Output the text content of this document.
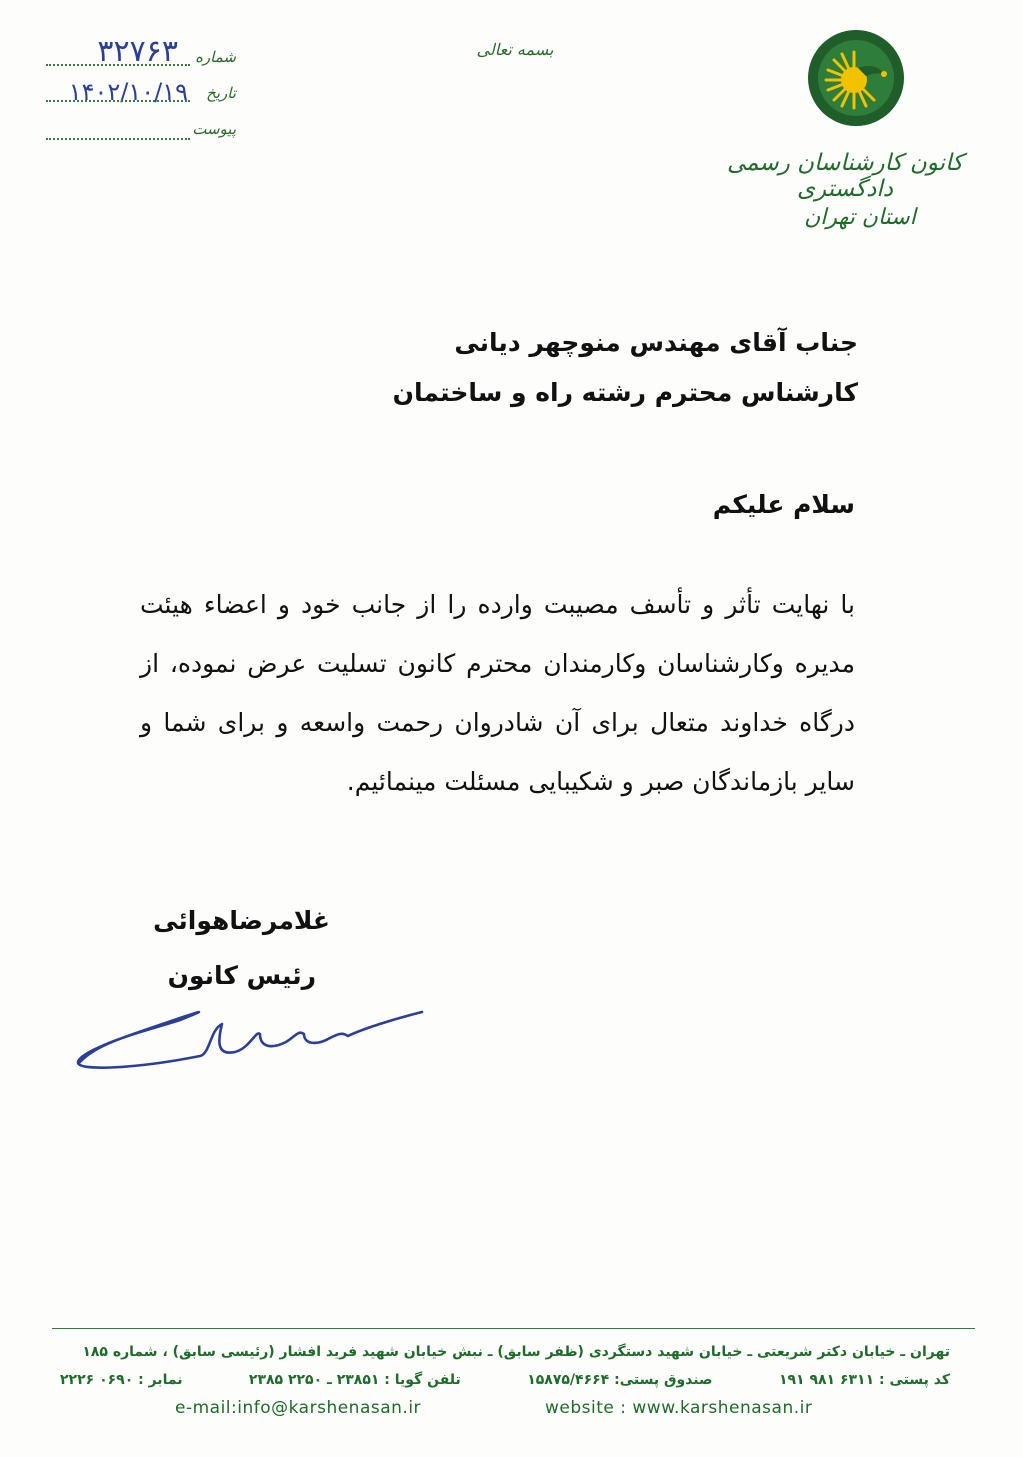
شماره
۳۲۷۶۳
تاریخ
۱۴۰۲/۱۰/۱۹
پیوست
بسمه تعالی
کانون کارشناسان رسمی دادگستری
استان تهران
جناب آقای مهندس منوچهر دیانی
کارشناس محترم رشته راه و ساختمان
سلام علیکم
با نهایت تأثر و تأسف مصیبت وارده را از جانب خود و اعضاء هیئت مدیره وکارشناسان وکارمندان محترم کانون تسلیت عرض نموده، از درگاه خداوند متعال برای آن شادروان رحمت واسعه و برای شما و سایر بازماندگان صبر و شکیبایی مسئلت مینمائیم.
غلامرضاهوائی
رئیس کانون
تهران ـ خیابان دکتر شریعتی ـ خیابان شهید دستگردی (ظفر سابق) ـ نبش خیابان شهید فرید افشار (رئیسی سابق) ، شماره ۱۸۵
کد پستی : ۶۳۱۱ ۹۸۱ ۱۹۱
صندوق پستی: ۱۵۸۷۵/۴۶۶۴
تلفن گویا : ۲۳۸۵۱ ـ ۲۲۵۰ ۲۳۸۵
نمابر : ۰۶۹۰ ۲۲۲۶
e-mail:info@karshenasan.ir	website : www.karshenasan.ir
